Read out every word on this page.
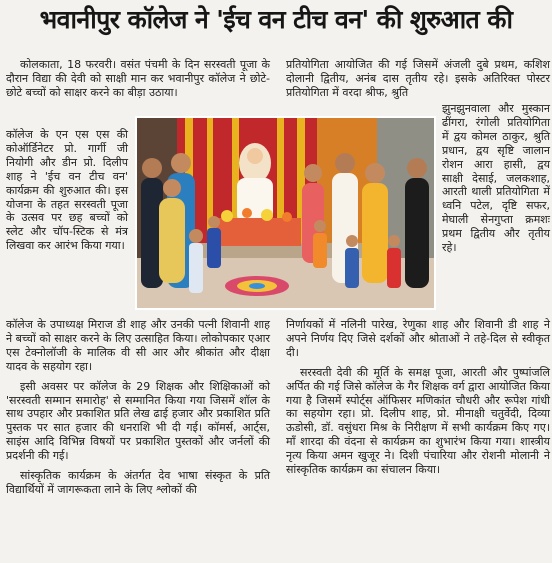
भवानीपुर कॉलेज ने 'ईच वन टीच वन' की शुरुआत की

कोलकाता, 18 फरवरी। वसंत पंचमी के दिन सरस्वती पूजा के दौरान विद्या की देवी को साक्षी मान कर भवानीपुर कॉलेज ने छोटे-छोटे बच्चों को साक्षर करने का बीड़ा उठाया।

कॉलेज के एन एस एस की कोऑर्डिनेटर प्रो. गार्गी जी नियोगी और डीन प्रो. दिलीप शाह ने 'ईच वन टीच वन' कार्यक्रम की शुरुआत की। इस योजना के तहत सरस्वती पूजा के उत्सव पर छह बच्चों को स्लेट और चॉप-स्टिक से मंत्र लिखवा कर आरंभ किया गया।

कॉलेज के उपाध्यक्ष मिराज डी शाह और उनकी पत्नी शिवानी शाह ने बच्चों को साक्षर करने के लिए उत्साहित किया। लोकोपकार एआर एस टेक्नोलॉजी के मालिक वी सी आर और श्रीकांत और दीक्षा यादव के सहयोग रहा।

इसी अवसर पर कॉलेज के 29 शिक्षक और शिक्षिकाओं को 'सरस्वती सम्मान समारोह' से सम्मानित किया गया जिसमें शॉल के साथ उपहार और प्रकाशित प्रति लेख ढाई हजार और प्रकाशित प्रति पुस्तक पर सात हजार की धनराशि भी दी गई। कॉमर्स, आर्ट्स, साइंस आदि विभिन्न विषयों पर प्रकाशित पुस्तकों और जर्नलों की प्रदर्शनी की गई।

सांस्कृतिक कार्यक्रम के अंतर्गत देव भाषा संस्कृत के प्रति विद्यार्थियों में जागरूकता लाने के लिए श्लोकों की

प्रतियोगिता आयोजित की गई जिसमें अंजली दुबे प्रथम, कशिश दोलानी द्वितीय, अनंब दास तृतीय रहे। इसके अतिरिक्त पोस्टर प्रतियोगिता में वरदा श्रीफ, श्रुति

झुनझुनवाला और मुस्कान ढींगरा, रंगोली प्रतियोगिता में द्वय कोमल ठाकुर, श्रुति प्रधान, द्वय सृष्टि जालान रोशन आरा हासी, द्वय साक्षी देसाई, जलकशाह, आरती थाली प्रतियोगिता में ध्वनि पटेल, दृष्टि सफर, मेघाली सेनगुप्ता क्रमशः प्रथम द्वितीय और तृतीय रहे।

निर्णायकों में नलिनी पारेख, रेणुका शाह और शिवानी डी शाह ने अपने निर्णय दिए जिसे दर्शकों और श्रोताओं ने तहे-दिल से स्वीकृत दी।

सरस्वती देवी की मूर्ति के समक्ष पूजा, आरती और पुष्पांजलि अर्पित की गई जिसे कॉलेज के गैर शिक्षक वर्ग द्वारा आयोजित किया गया है जिसमें स्पोर्ट्स ऑफिसर मणिकांत चौधरी और रूपेश गांधी का सहयोग रहा। प्रो. दिलीप शाह, प्रो. मीनाक्षी चतुर्वेदी, दिव्या ऊडोसी, डॉ. वसुंधरा मिश्र के निरीक्षण में सभी कार्यक्रम किए गए। माँ शारदा की वंदना से कार्यक्रम का शुभारंभ किया गया। शास्त्रीय नृत्य किया अमन खुजूर ने। दिशी पंचारिया और रोशनी मोलानी ने सांस्कृतिक कार्यक्रम का संचालन किया।
